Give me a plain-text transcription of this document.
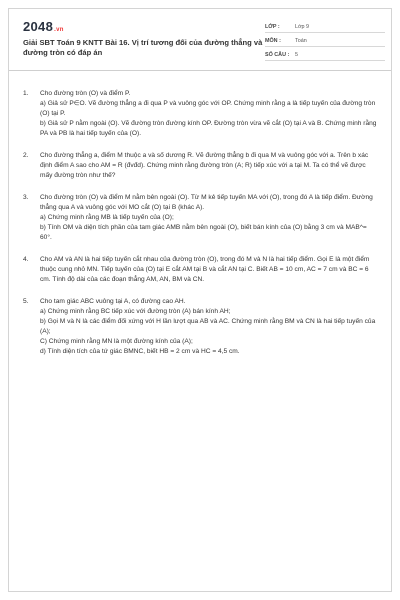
2048.vn
Giải SBT Toán 9 KNTT Bài 16. Vị trí tương đối của đường thẳng và đường tròn có đáp án
LỚP :	Lớp 9
MÔN :	Toán
SỐ CÂU :	5
1.	Cho đường tròn (O) và điểm P.
a) Giả sử P∈O. Vẽ đường thẳng a đi qua P và vuông góc với OP. Chứng minh rằng a là tiếp tuyến của đường tròn (O) tại P.
b) Giả sử P nằm ngoài (O). Vẽ đường tròn đường kính OP. Đường tròn vừa vẽ cắt (O) tại A và B. Chứng minh rằng PA và PB là hai tiếp tuyến của (O).
2.	Cho đường thẳng a, điểm M thuộc a và số dương R. Vẽ đường thẳng b đi qua M và vuông góc với a. Trên b xác định điểm A sao cho AM = R (đvđd). Chứng minh rằng đường tròn (A; R) tiếp xúc với a tại M. Ta có thể vẽ được mấy đường tròn như thế?
3.	Cho đường tròn (O) và điểm M nằm bên ngoài (O). Từ M kẻ tiếp tuyến MA với (O), trong đó A là tiếp điểm. Đường thẳng qua A và vuông góc với MO cắt (O) tại B (khác A).
a) Chứng minh rằng MB là tiếp tuyến của (O);
b) Tính OM và diện tích phần của tam giác AMB nằm bên ngoài (O), biết bán kính của (O) bằng 3 cm và MAB^= 60°.
4.	Cho AM và AN là hai tiếp tuyến cắt nhau của đường tròn (O), trong đó M và N là hai tiếp điểm. Gọi E là một điểm thuộc cung nhỏ MN. Tiếp tuyến của (O) tại E cắt AM tại B và cắt AN tại C. Biết AB = 10 cm, AC = 7 cm và BC = 6 cm. Tính độ dài của các đoạn thẳng AM, AN, BM và CN.
5.	Cho tam giác ABC vuông tại A, có đường cao AH.
a) Chứng minh rằng BC tiếp xúc với đường tròn (A) bán kính AH;
b) Gọi M và N là các điểm đối xứng với H lần lượt qua AB và AC. Chứng minh rằng BM và CN là hai tiếp tuyến của (A);
C) Chứng minh rằng MN là một đường kính của (A);
d) Tính diện tích của tứ giác BMNC, biết HB = 2 cm và HC = 4,5 cm.
